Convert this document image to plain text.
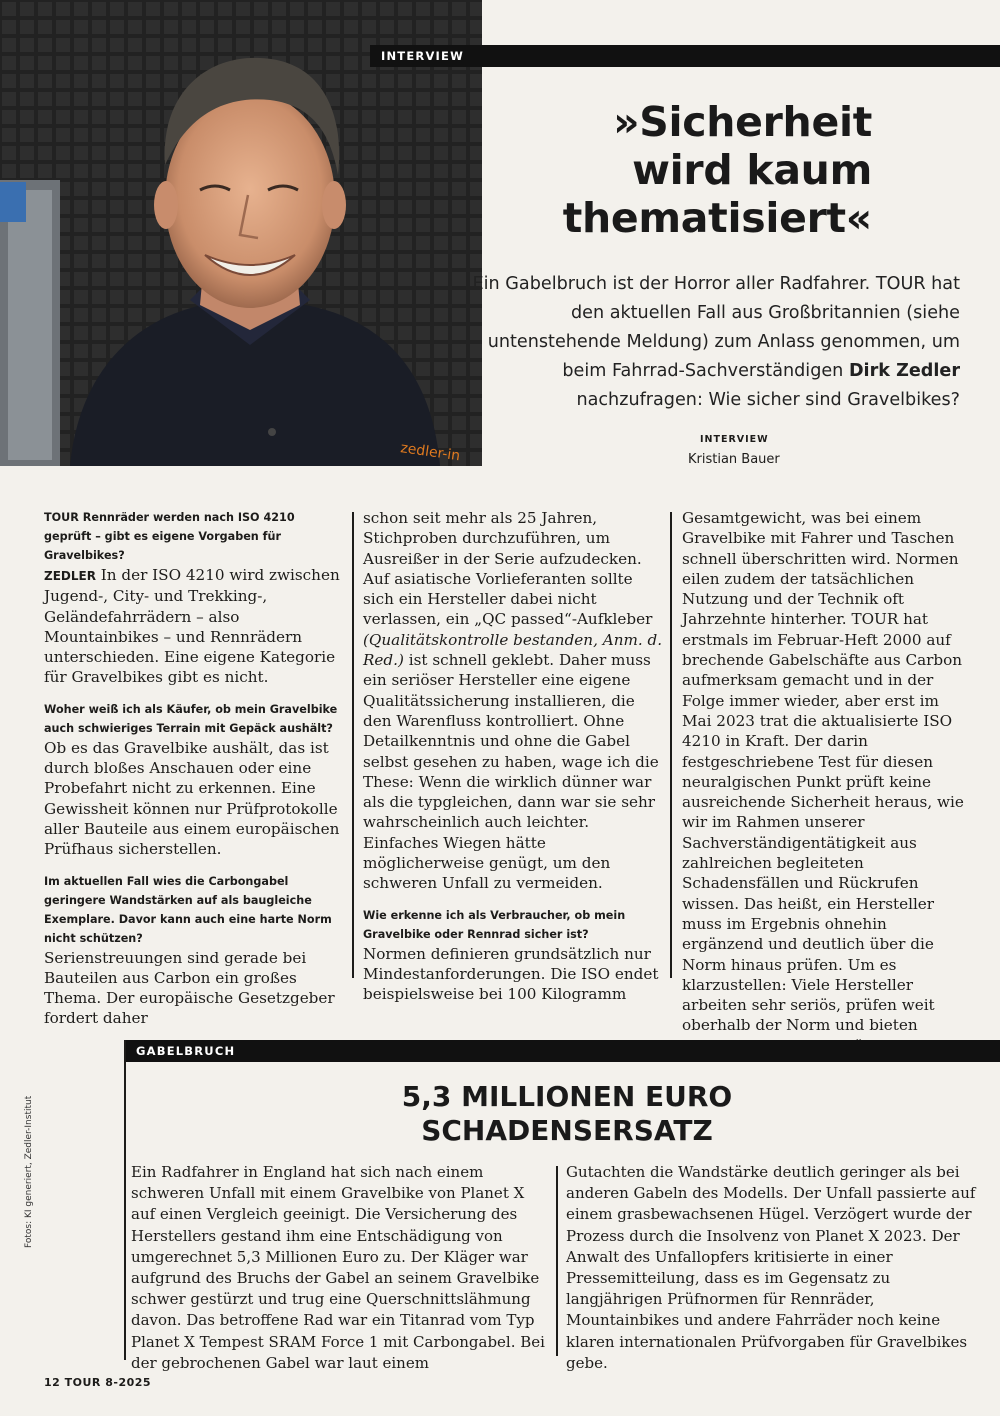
zedler-in
INTERVIEW
»Sicherheit
wird kaum
thematisiert«
Ein Gabelbruch ist der Horror aller Radfahrer. TOUR hat den aktuellen Fall aus Großbritannien (siehe untenstehende Meldung) zum Anlass genommen, um beim Fahrrad-Sachverständigen Dirk Zedler nachzufragen: Wie sicher sind Gravelbikes?
INTERVIEW
Kristian Bauer

TOUR Rennräder werden nach ISO 4210 geprüft – gibt es eigene Vorgaben für Gravelbikes?

ZEDLER In der ISO 4210 wird zwischen Jugend-, City- und Trekking-, Geländefahrrädern – also Mountainbikes – und Rennrädern unterschieden. Eine eigene Kategorie für Gravelbikes gibt es nicht.

Woher weiß ich als Käufer, ob mein Gravelbike auch schwieriges Terrain mit Gepäck aushält?

Ob es das Gravelbike aushält, das ist durch bloßes Anschauen oder eine Probefahrt nicht zu erkennen. Eine Gewissheit können nur Prüfprotokolle aller Bauteile aus einem europäischen Prüfhaus sicherstellen.

Im aktuellen Fall wies die Carbongabel geringere Wandstärken auf als baugleiche Exemplare. Davor kann auch eine harte Norm nicht schützen?

Serienstreuungen sind gerade bei Bauteilen aus Carbon ein großes Thema. Der europäische Gesetzgeber fordert daher

schon seit mehr als 25 Jahren, Stichproben durchzuführen, um Ausreißer in der Serie aufzudecken. Auf asiatische Vorlieferanten sollte sich ein Hersteller dabei nicht verlassen, ein „QC passed“-Aufkleber (Qualitätskontrolle bestanden, Anm. d. Red.) ist schnell geklebt. Daher muss ein seriöser Hersteller eine eigene Qualitätssicherung installieren, die den Warenfluss kontrolliert. Ohne Detailkenntnis und ohne die Gabel selbst gesehen zu haben, wage ich die These: Wenn die wirklich dünner war als die typgleichen, dann war sie sehr wahrscheinlich auch leichter. Einfaches Wiegen hätte möglicherweise genügt, um den schweren Unfall zu vermeiden.

Wie erkenne ich als Verbraucher, ob mein Gravelbike oder Rennrad sicher ist?

Normen definieren grundsätzlich nur Mindestanforderungen. Die ISO endet beispielsweise bei 100 Kilogramm

Gesamtgewicht, was bei einem Gravelbike mit Fahrer und Taschen schnell überschritten wird. Normen eilen zudem der tatsächlichen Nutzung und der Technik oft Jahrzehnte hinterher. TOUR hat erstmals im Februar-Heft 2000 auf brechende Gabelschäfte aus Carbon aufmerksam gemacht und in der Folge immer wieder, aber erst im Mai 2023 trat die aktualisierte ISO 4210 in Kraft. Der darin festgeschriebene Test für diesen neuralgischen Punkt prüft keine ausreichende Sicherheit heraus, wie wir im Rahmen unserer Sachverständigentätigkeit aus zahlreichen begleiteten Schadensfällen und Rückrufen wissen. Das heißt, ein Hersteller muss im Ergebnis ohnehin ergänzend und deutlich über die Norm hinaus prüfen. Um es klarzustellen: Viele Hersteller arbeiten sehr seriös, prüfen weit oberhalb der Norm und bieten

GABELBRUCH
5,3 MILLIONEN EURO
SCHADENSERSATZ

Ein Radfahrer in England hat sich nach einem schweren Unfall mit einem Gravelbike von Planet X auf einen Vergleich geeinigt. Die Versicherung des Herstellers gestand ihm eine Entschädigung von umgerechnet 5,3 Millionen Euro zu. Der Kläger war aufgrund des Bruchs der Gabel an seinem Gravelbike schwer gestürzt und trug eine Querschnittslähmung davon. Das betroffene Rad war ein Titanrad vom Typ Planet X Tempest SRAM Force 1 mit Carbongabel. Bei der gebrochenen Gabel war laut einem

Gutachten die Wandstärke deutlich geringer als bei anderen Gabeln des Modells. Der Unfall passierte auf einem grasbewachsenen Hügel. Verzögert wurde der Prozess durch die Insolvenz von Planet X 2023. Der Anwalt des Unfallopfers kritisierte in einer Pressemitteilung, dass es im Gegensatz zu langjährigen Prüfnormen für Rennräder, Mountainbikes und andere Fahrräder noch keine klaren internationalen Prüfvorgaben für Gravelbikes gebe.

Fotos: KI generiert, Zedler-Institut
12 TOUR 8-2025
